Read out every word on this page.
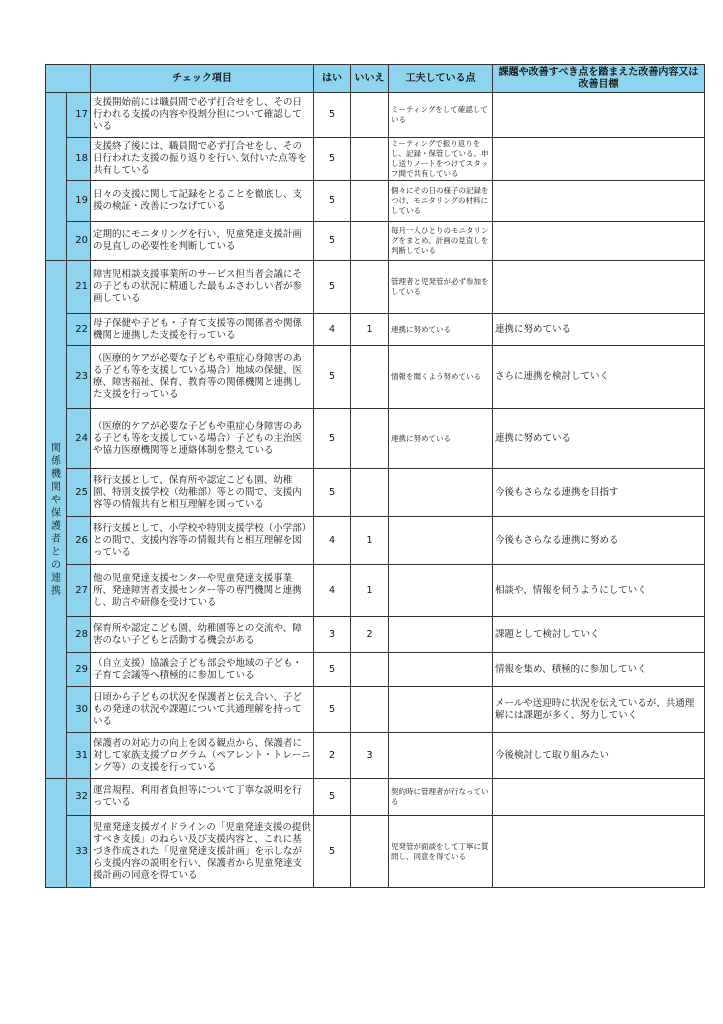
		チェック項目	はい	いいえ	工夫している点	課題や改善すべき点を踏まえた改善内容又は改善目標
	17	支援開始前には職員間で必ず打合せをし、その日行われる支援の内容や役割分担について確認している	5		ミーティングをして確認している	
	18	支援終了後には、職員間で必ず打合せをし、その日行われた支援の振り返りを行い､気付いた点等を共有している	5		ミーティングで振り返りをし、記録・保管している。申し送りノートをつけてスタッフ間で共有している	
	19	日々の支援に関して記録をとることを徹底し、支援の検証・改善につなげている	5		個々にその日の様子の記録をつけ、モニタリングの材料にしている	
	20	定期的にモニタリングを行い、児童発達支援計画の見直しの必要性を判断している	5		毎月一人ひとりのモニタリングをまとめ、計画の見直しを判断している	
関係機関や保護者との連携	21	障害児相談支援事業所のサービス担当者会議にその子どもの状況に精通した最もふさわしい者が参画している	5		管理者と児発管が必ず参加をしている	
	22	母子保健や子ども・子育て支援等の関係者や関係機関と連携した支援を行っている	4	1	連携に努めている	連携に努めている
	23	（医療的ケアが必要な子どもや重症心身障害のある子ども等を支援している場合）地域の保健、医療、障害福祉、保育、教育等の関係機関と連携した支援を行っている	5		情報を聞くよう努めている	さらに連携を検討していく
	24	（医療的ケアが必要な子どもや重症心身障害のある子ども等を支援している場合）子どもの主治医や協力医療機関等と連絡体制を整えている	5		連携に努めている	連携に努めている
	25	移行支援として、保育所や認定こども園、幼稚園、特別支援学校（幼稚部）等との間で、支援内容等の情報共有と相互理解を図っている	5			今後もさらなる連携を目指す
	26	移行支援として、小学校や特別支援学校（小学部）との間で、支援内容等の情報共有と相互理解を図っている	4	1		今後もさらなる連携に努める
	27	他の児童発達支援センターや児童発達支援事業所、発達障害者支援センター等の専門機関と連携し、助言や研修を受けている	4	1		相談や、情報を伺うようにしていく
	28	保育所や認定こども園、幼稚園等との交流や、障害のない子どもと活動する機会がある	3	2		課題として検討していく
	29	（自立支援）協議会子ども部会や地域の子ども・子育て会議等へ積極的に参加している	5			情報を集め、積極的に参加していく
	30	日頃から子どもの状況を保護者と伝え合い、子どもの発達の状況や課題について共通理解を持っている	5			メールや送迎時に状況を伝えているが、共通理解には課題が多く、努力していく
	31	保護者の対応力の向上を図る観点から、保護者に対して家族支援プログラム（ペアレント・トレーニング等）の支援を行っている	2	3		今後検討して取り組みたい
	32	運営規程、利用者負担等について丁寧な説明を行っている	5		契約時に管理者が行なっている	
	33	児童発達支援ガイドラインの「児童発達支援の提供すべき支援」のねらい及び支援内容と、これに基づき作成された「児童発達支援計画」を示しながら支援内容の説明を行い、保護者から児童発達支援計画の同意を得ている	5		児発管が面談をして丁寧に質問し、同意を得ている	
